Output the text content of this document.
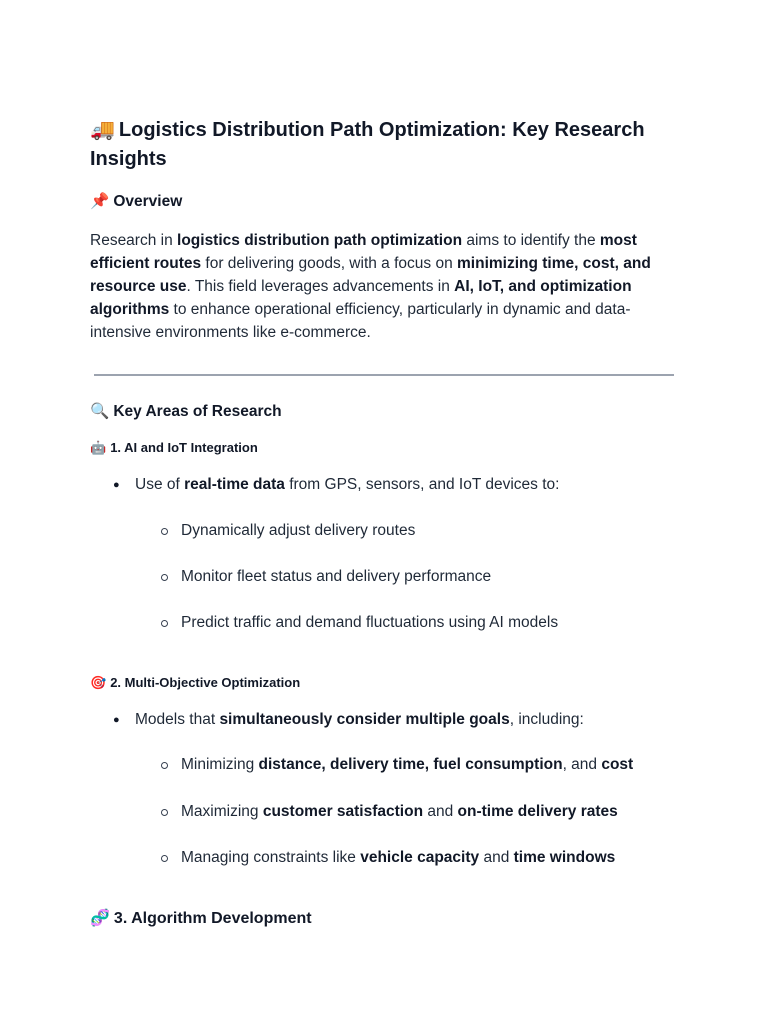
🚚 Logistics Distribution Path Optimization: Key Research Insights
📌 Overview

Research in logistics distribution path optimization aims to identify the most efficient routes for delivering goods, with a focus on minimizing time, cost, and resource use. This field leverages advancements in AI, IoT, and optimization algorithms to enhance operational efficiency, particularly in dynamic and data-intensive environments like e-commerce.

🔍 Key Areas of Research
🤖 1. AI and IoT Integration
● Use of real-time data from GPS, sensors, and IoT devices to:
Dynamically adjust delivery routes
Monitor fleet status and delivery performance
Predict traffic and demand fluctuations using AI models
🎯 2. Multi-Objective Optimization
● Models that simultaneously consider multiple goals, including:
Minimizing distance, delivery time, fuel consumption, and cost
Maximizing customer satisfaction and on-time delivery rates
Managing constraints like vehicle capacity and time windows
🧬 3. Algorithm Development
